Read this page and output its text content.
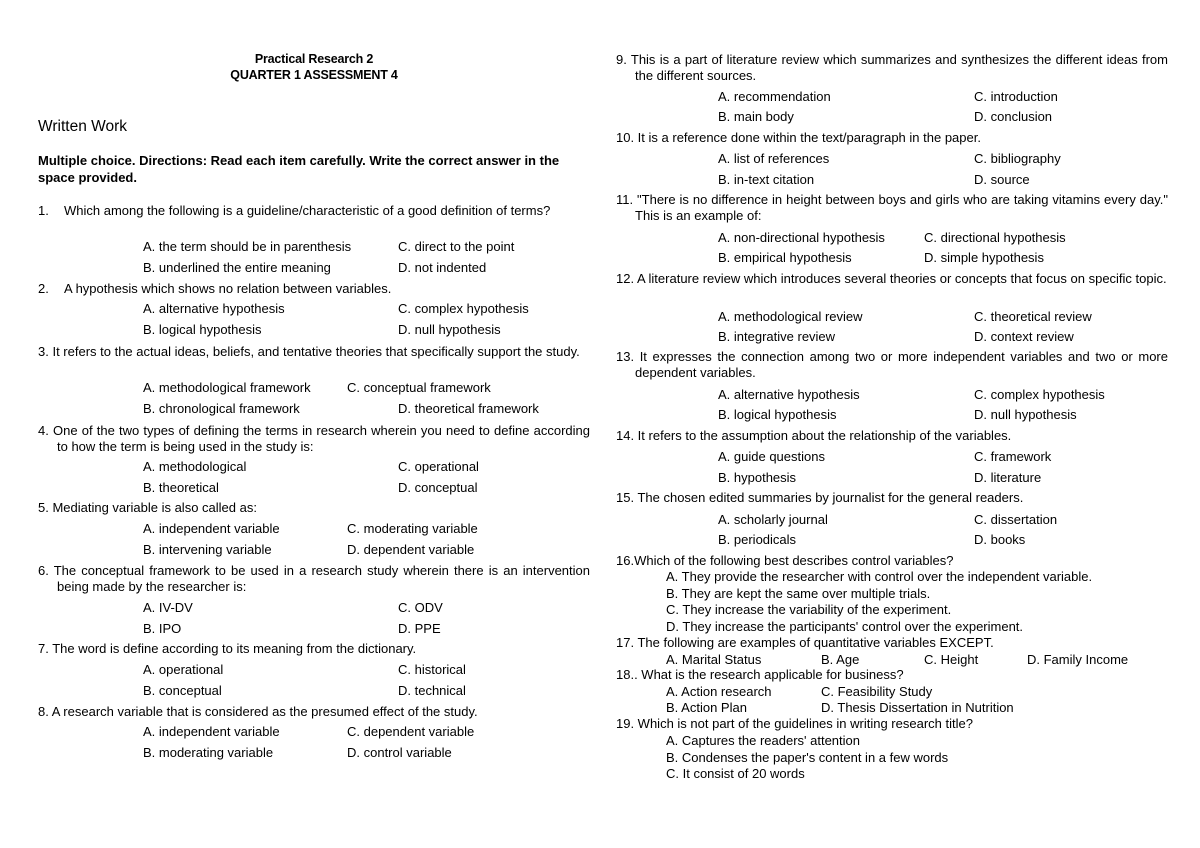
Practical Research 2
QUARTER 1 ASSESSMENT 4
Written Work
Multiple choice. Directions: Read each item carefully. Write the correct answer in the space provided.
1. Which among the following is a guideline/characteristic of a good definition of terms?
A. the term should be in parenthesis	C. direct to the point
B. underlined the entire meaning	D. not indented
2. A hypothesis which shows no relation between variables.
A. alternative hypothesis	C. complex hypothesis
B. logical hypothesis	D. null hypothesis
3. It refers to the actual ideas, beliefs, and tentative theories that specifically support the study.
A. methodological framework	C. conceptual framework
B. chronological framework	D. theoretical framework
4. One of the two types of defining the terms in research wherein you need to define according to how the term is being used in the study is:
A. methodological	C. operational
B. theoretical	D. conceptual
5. Mediating variable is also called as:
A. independent variable	C. moderating variable
B. intervening variable	D. dependent variable
6. The conceptual framework to be used in a research study wherein there is an intervention being made by the researcher is:
A. IV-DV	C. ODV
B. IPO	D. PPE
7. The word is define according to its meaning from the dictionary.
A. operational	C. historical
B. conceptual	D. technical
8. A research variable that is considered as the presumed effect of the study.
A. independent variable	C. dependent variable
B. moderating variable	D. control variable
9. This is a part of literature review which summarizes and synthesizes the different ideas from the different sources.
A. recommendation	C. introduction
B. main body	D. conclusion
10. It is a reference done within the text/paragraph in the paper.
A. list of references	C. bibliography
B. in-text citation	D. source
11. "There is no difference in height between boys and girls who are taking vitamins every day." This is an example of:
A. non-directional hypothesis	C. directional hypothesis
B. empirical hypothesis	D. simple hypothesis
12. A literature review which introduces several theories or concepts that focus on specific topic.
A. methodological review	C. theoretical review
B. integrative review	D. context review
13. It expresses the connection among two or more independent variables and two or more dependent variables.
A. alternative hypothesis	C. complex hypothesis
B. logical hypothesis	D. null hypothesis
14. It refers to the assumption about the relationship of the variables.
A. guide questions	C. framework
B. hypothesis	D. literature
15. The chosen edited summaries by journalist for the general readers.
A. scholarly journal	C. dissertation
B. periodicals	D. books
16.Which of the following best describes control variables?
A. They provide the researcher with control over the independent variable.
B. They are kept the same over multiple trials.
C. They increase the variability of the experiment.
D. They increase the participants' control over the experiment.
17. The following are examples of quantitative variables EXCEPT.
A. Marital Status	B. Age	C. Height	D. Family Income
18.. What is the research applicable for business?
A. Action research	C. Feasibility Study
B. Action Plan	D. Thesis Dissertation in Nutrition
19. Which is not part of the guidelines in writing research title?
A. Captures the readers' attention
B. Condenses the paper's content in a few words
C. It consist of 20 words
